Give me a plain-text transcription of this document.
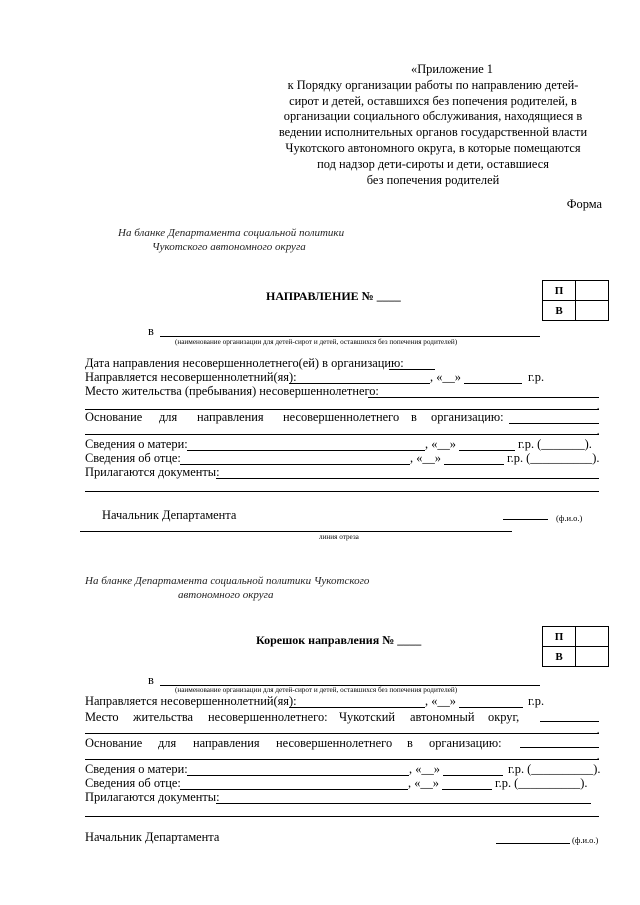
«Приложение 1
к Порядку организации работы по направлению детей-
сирот и детей, оставшихся без попечения родителей, в
организации социального обслуживания, находящиеся в
ведении исполнительных органов государственной власти
Чукотского автономного округа, в которые помещаются
под надзор дети-сироты и дети, оставшиеся
без попечения родителей
Форма
На бланке Департамента социальной политики
Чукотского автономного округа
НАПРАВЛЕНИЕ № ____	П	
В	
в
(наименование организации для детей-сирот и детей, оставшихся без попечения родителей)
Дата направления несовершеннолетнего(ей) в организацию:
Направляется несовершеннолетний(яя):	, «__»	г.р.
Место жительства (пребывания) несовершеннолетнего:
.
Основание для направления несовершеннолетнего в организацию:
.
Сведения о матери:	, «__»	г.р. (_______).
Сведения об отце:	, «__»	г.р. (__________).
Прилагаются документы:
Начальник Департамента	(ф.и.о.)
линия отреза
На бланке Департамента социальной политики Чукотского
автономного округа
Корешок направления № ____	П	
В	
в
(наименование организации для детей-сирот и детей, оставшихся без попечения родителей)
Направляется несовершеннолетний(яя):	, «__»	г.р.
Место жительства несовершеннолетнего: Чукотский автономный округ,
.
Основание для направления несовершеннолетнего в организацию:
.
Сведения о матери:	, «__»	г.р. (__________).
Сведения об отце:	, «__»	г.р. (__________).
Прилагаются документы:
Начальник Департамента	(ф.и.о.)
